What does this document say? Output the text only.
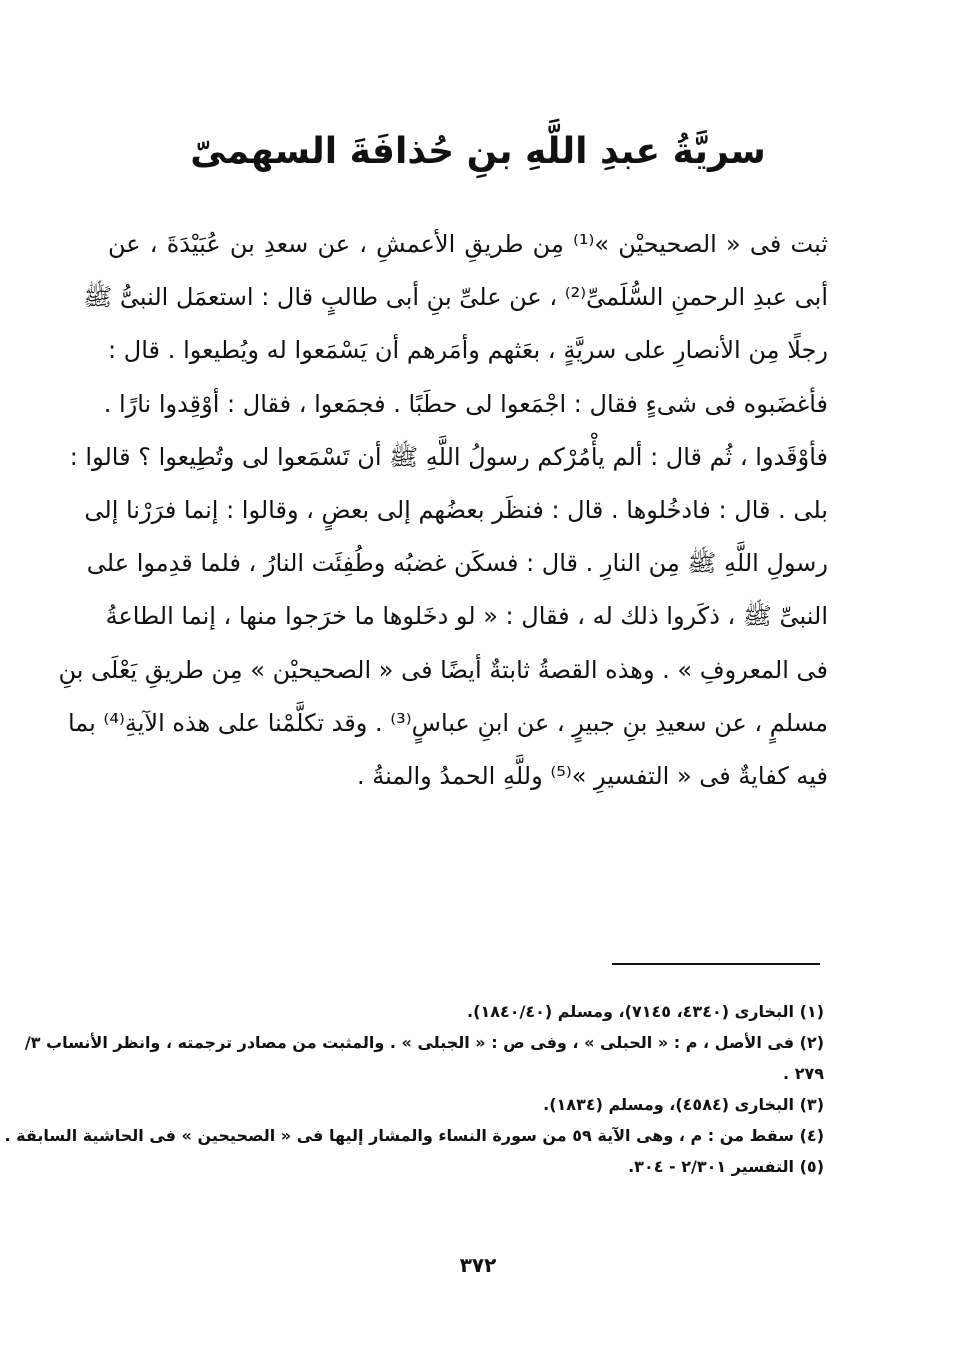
سريَّةُ عبدِ اللَّهِ بنِ حُذافَةَ السهمىّ
ثبت فى « الصحيحيْن »⁽¹⁾ مِن طريقِ الأعمشِ ، عن سعدِ بن عُبَيْدَةَ ، عن
أبى عبدِ الرحمنِ السُّلَمىِّ⁽²⁾ ، عن علىِّ بنِ أبى طالبٍ قال : استعمَل النبىُّ ﷺ
رجلًا مِن الأنصارِ على سريَّةٍ ، بعَثهم وأمَرهم أن يَسْمَعوا له ويُطيعوا . قال :
فأغضَبوه فى شىءٍ فقال : اجْمَعوا لى حطَبًا . فجمَعوا ، فقال : أوْقِدوا نارًا .
فأوْقَدوا ، ثُم قال : ألم يأْمُرْكم رسولُ اللَّهِ ﷺ أن تَسْمَعوا لى وتُطِيعوا ؟ قالوا :
بلى . قال : فادخُلوها . قال : فنظَر بعضُهم إلى بعضٍ ، وقالوا : إنما فرَرْنا إلى
رسولِ اللَّهِ ﷺ مِن النارِ . قال : فسكَن غضبُه وطُفِئَت النارُ ، فلما قدِموا على
النبىِّ ﷺ ، ذكَروا ذلك له ، فقال : « لو دخَلوها ما خرَجوا منها ، إنما الطاعةُ
فى المعروفِ » . وهذه القصةُ ثابتةٌ أيضًا فى « الصحيحيْن » مِن طريقِ يَعْلَى بنِ
مسلمٍ ، عن سعيدِ بنِ جبيرٍ ، عن ابنِ عباسٍ⁽³⁾ . وقد تكلَّمْنا على هذه الآيةِ⁽⁴⁾ بما
فيه كفايةٌ فى « التفسيرِ »⁽⁵⁾ وللَّهِ الحمدُ والمنةُ .
(١) البخارى (٤٣٤٠، ٧١٤٥)، ومسلم (١٨٤٠/٤٠).
(٢) فى الأصل ، م : « الحبلى » ، وفى ص : « الجبلى » . والمثبت من مصادر ترجمته ، وانظر الأنساب ٣/
٢٧٩ .
(٣) البخارى (٤٥٨٤)، ومسلم (١٨٣٤).
(٤) سقط من : م ، وهى الآية ٥٩ من سورة النساء والمشار إليها فى « الصحيحين » فى الحاشية السابقة .
(٥) التفسير ٢/٣٠١ - ٣٠٤.
٣٧٢
